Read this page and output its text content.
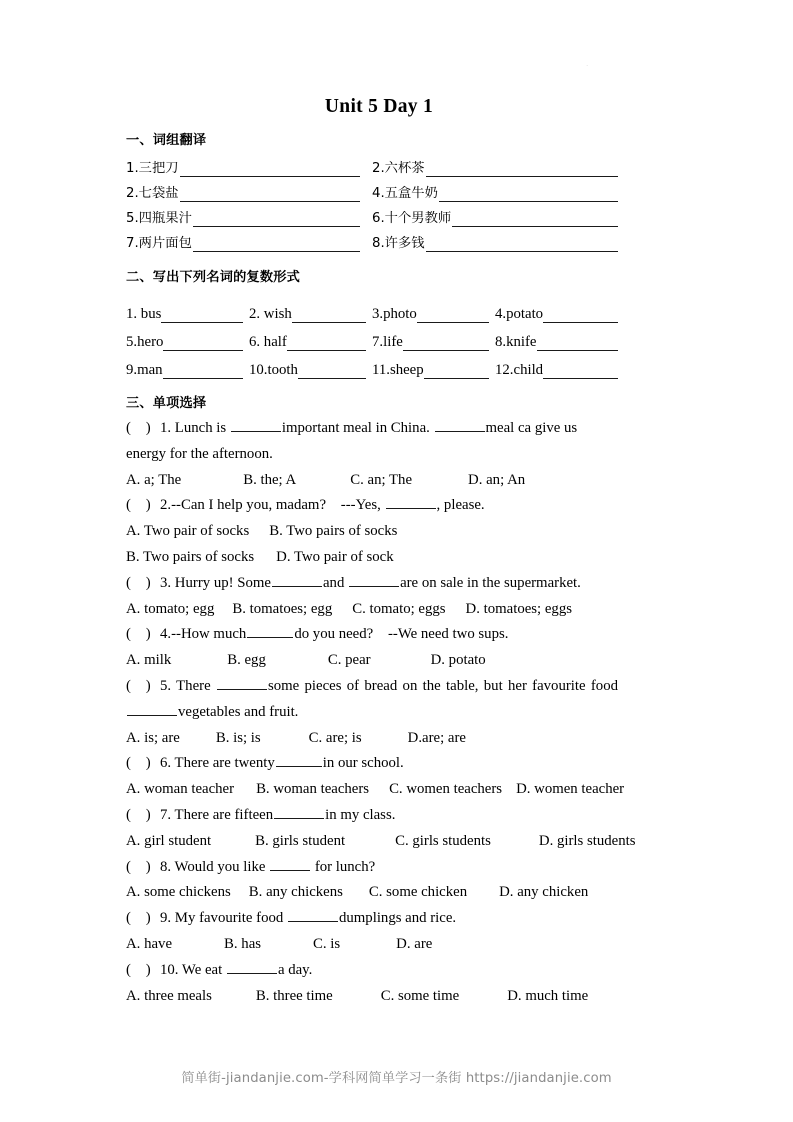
·
Unit 5 Day 1
一、词组翻译
1.三把刀	2.六杯茶

2.七袋盐	4.五盒牛奶

5.四瓶果汁	6.十个男教师

7.两片面包	8.许多钱
二、写出下列名词的复数形式
1. bus	2. wish	3.photo	4.potato
5.hero	6. half	7.life	8.knife
9.man	10.tooth	11.sheep	12.child
三、单项选择
( ) 1. Lunch is	important meal in China.	meal ca give us energy for the afternoon.
A. a; The	B. the; A	C. an; The	D. an; An
( ) 2.--Can I help you, madam?    ---Yes,	, please.
A. Two pair of socks B. Two pairs of socks
B. Two pairs of socks D. Two pair of sock
( ) 3. Hurry up! Some	and	are on sale in the supermarket.
A. tomato; egg B. tomatoes; egg C. tomato; eggs D. tomatoes; eggs
( ) 4.--How much	do you need?    --We need two sups.
A. milk	B. egg	C. pear	D. potato
( ) 5. There	some pieces of bread on the table, but her favourite food vegetables and fruit.
A. is; are B. is; is	C. are; is	D.are; are
( ) 6. There are twenty	in our school.
A. woman teacher B. woman teachers C. women teachers D. women teacher
( ) 7. There are fifteen	in my class.
A. girl student	B. girls student	C. girls students	D. girls students
( ) 8. Would you like	for lunch?
A. some chickens B. any chickens C. some chicken D. any chicken
( ) 9. My favourite food	dumplings and rice.
A. have	B. has	C. is	D. are
( ) 10. We eat	a day.
A. three meals	B. three time	C. some time	D. much time
简单街-jiandanjie.com-学科网简单学习一条街 https://jiandanjie.com
